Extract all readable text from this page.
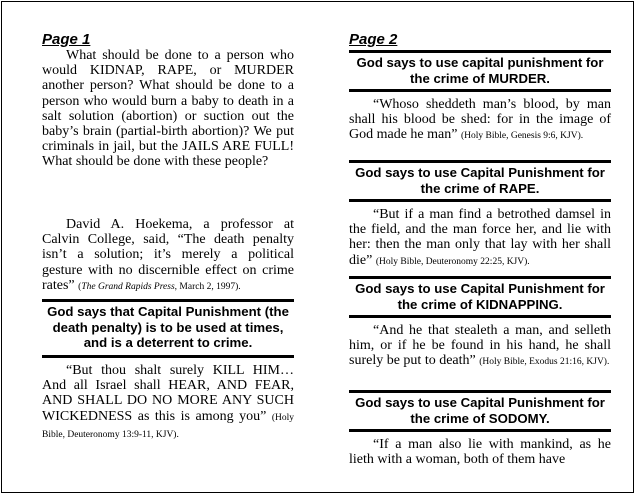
Page 1
What should be done to a person who would KIDNAP, RAPE, or MURDER another person? What should be done to a person who would burn a baby to death in a salt solution (abortion) or suction out the baby’s brain (partial-birth abortion)? We put criminals in jail, but the JAILS ARE FULL! What should be done with these people?
David A. Hoekema, a professor at Calvin College, said, “The death penalty isn’t a solution; it’s merely a political gesture with no discernible effect on crime rates” (The Grand Rapids Press, March 2, 1997).
God says that Capital Punishment (the death penalty) is to be used at times, and is a deterrent to crime.
“But thou shalt surely KILL HIM… And all Israel shall HEAR, AND FEAR, AND SHALL DO NO MORE ANY SUCH WICKEDNESS as this is among you” (Holy Bible, Deuteronomy 13:9-11, KJV).
Page 2
God says to use capital punishment for the crime of MURDER.
“Whoso sheddeth man’s blood, by man shall his blood be shed: for in the image of God made he man” (Holy Bible, Genesis 9:6, KJV).
God says to use Capital Punishment for the crime of RAPE.
“But if a man find a betrothed damsel in the field, and the man force her, and lie with her: then the man only that lay with her shall die” (Holy Bible, Deuteronomy 22:25, KJV).
God says to use Capital Punishment for the crime of KIDNAPPING.
“And he that stealeth a man, and selleth him, or if he be found in his hand, he shall surely be put to death” (Holy Bible, Exodus 21:16, KJV).
God says to use Capital Punishment for the crime of SODOMY.
“If a man also lie with mankind, as he lieth with a woman, both of them have
